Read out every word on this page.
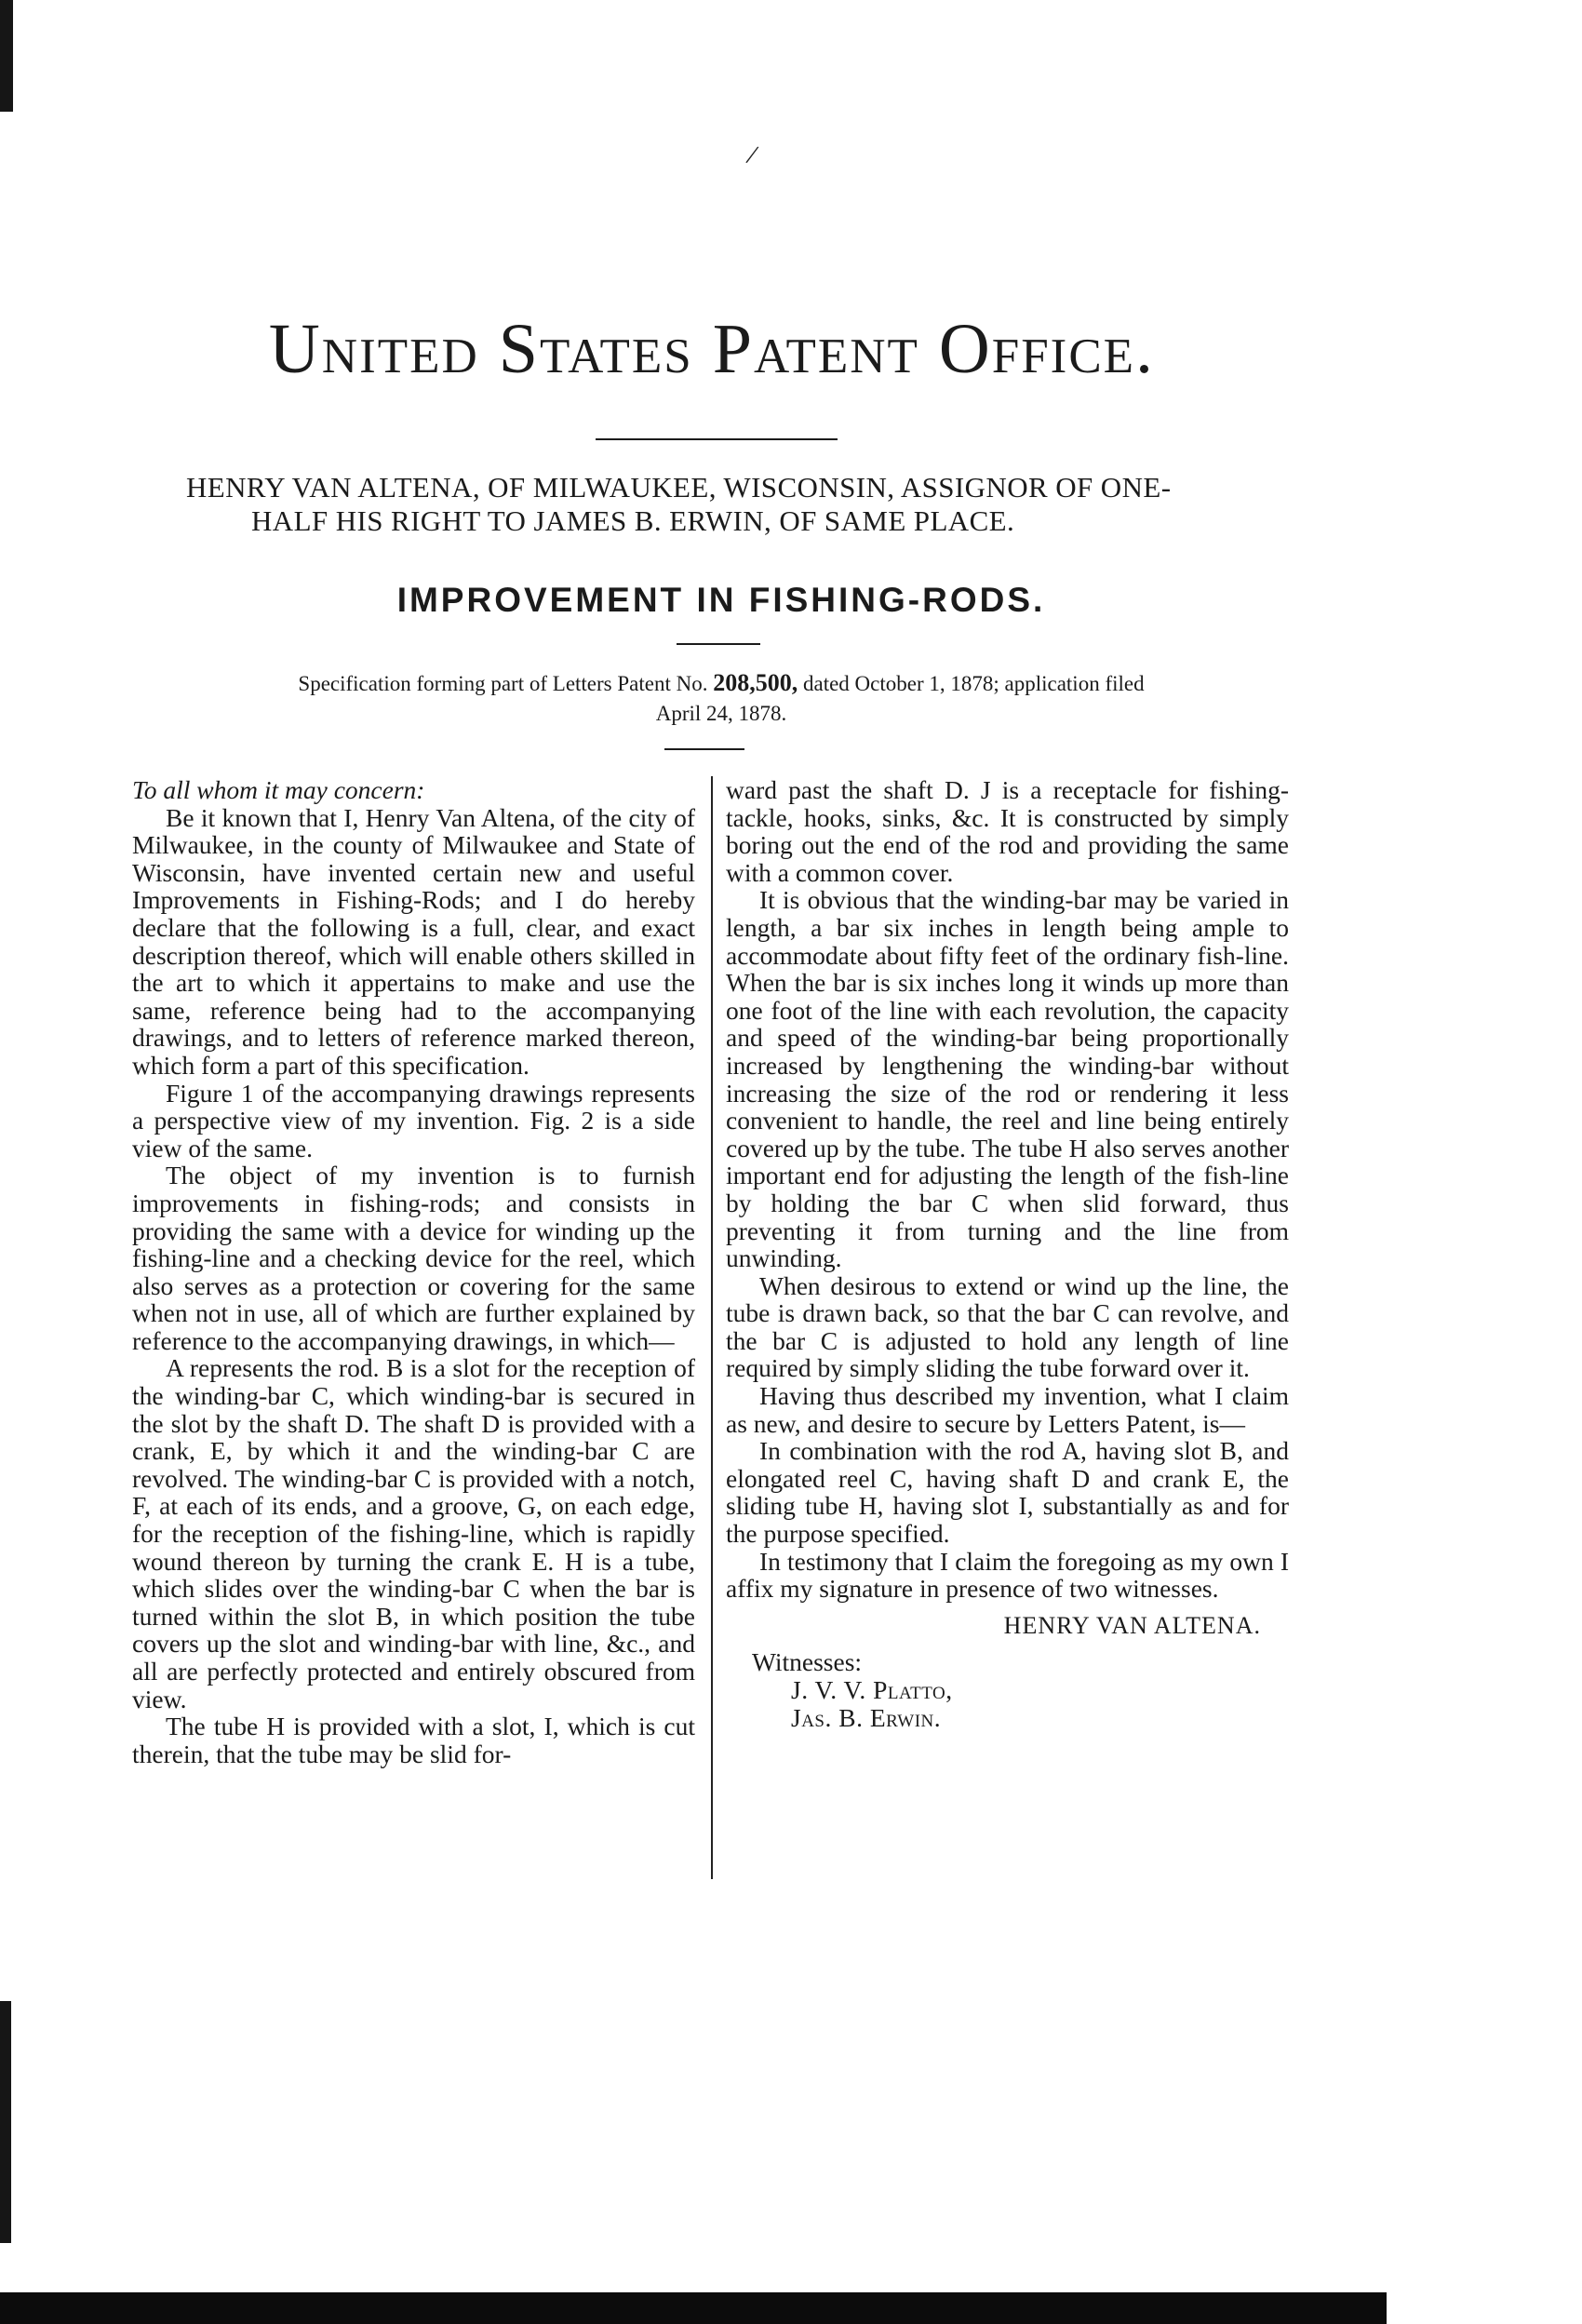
/
United States Patent Office.

HENRY VAN ALTENA, OF MILWAUKEE, WISCONSIN, ASSIGNOR OF ONE-
HALF HIS RIGHT TO JAMES B. ERWIN, OF SAME PLACE.

IMPROVEMENT IN FISHING-RODS.

Specification forming part of Letters Patent No. 208,500, dated October 1, 1878; application filed
April 24, 1878.

To all whom it may concern:

Be it known that I, Henry Van Altena, of the city of Milwaukee, in the county of Milwaukee and State of Wisconsin, have invented certain new and useful Improvements in Fishing-Rods; and I do hereby declare that the following is a full, clear, and exact description thereof, which will enable others skilled in the art to which it appertains to make and use the same, reference being had to the accompanying drawings, and to letters of reference marked thereon, which form a part of this specification.

Figure 1 of the accompanying drawings represents a perspective view of my invention. Fig. 2 is a side view of the same.

The object of my invention is to furnish improvements in fishing-rods; and consists in providing the same with a device for winding up the fishing-line and a checking device for the reel, which also serves as a protection or covering for the same when not in use, all of which are further explained by reference to the accompanying drawings, in which—

A represents the rod. B is a slot for the reception of the winding-bar C, which winding-bar is secured in the slot by the shaft D. The shaft D is provided with a crank, E, by which it and the winding-bar C are revolved. The winding-bar C is provided with a notch, F, at each of its ends, and a groove, G, on each edge, for the reception of the fishing-line, which is rapidly wound thereon by turning the crank E. H is a tube, which slides over the winding-bar C when the bar is turned within the slot B, in which position the tube covers up the slot and winding-bar with line, &c., and all are perfectly protected and entirely obscured from view.

The tube H is provided with a slot, I, which is cut therein, that the tube may be slid for-

ward past the shaft D. J is a receptacle for fishing-tackle, hooks, sinks, &c. It is constructed by simply boring out the end of the rod and providing the same with a common cover.

It is obvious that the winding-bar may be varied in length, a bar six inches in length being ample to accommodate about fifty feet of the ordinary fish-line. When the bar is six inches long it winds up more than one foot of the line with each revolution, the capacity and speed of the winding-bar being proportionally increased by lengthening the winding-bar without increasing the size of the rod or rendering it less convenient to handle, the reel and line being entirely covered up by the tube. The tube H also serves another important end for adjusting the length of the fish-line by holding the bar C when slid forward, thus preventing it from turning and the line from unwinding.

When desirous to extend or wind up the line, the tube is drawn back, so that the bar C can revolve, and the bar C is adjusted to hold any length of line required by simply sliding the tube forward over it.

Having thus described my invention, what I claim as new, and desire to secure by Letters Patent, is—

In combination with the rod A, having slot B, and elongated reel C, having shaft D and crank E, the sliding tube H, having slot I, substantially as and for the purpose specified.

In testimony that I claim the foregoing as my own I affix my signature in presence of two witnesses.

HENRY VAN ALTENA.

Witnesses:

J. V. V. Platto,

Jas. B. Erwin.
